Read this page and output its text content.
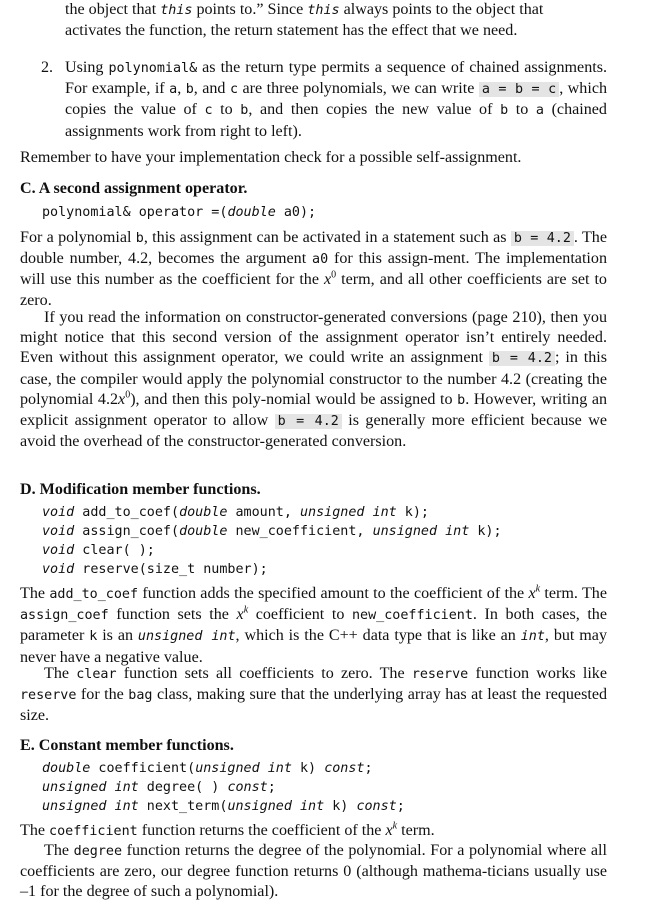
the object that this points to.” Since this always points to the object that
activates the function, the return statement has the effect that we need.
2. Using polynomial& as the return type permits a sequence of chained assignments. For example, if a, b, and c are three polynomials, we can write a = b = c , which copies the value of c to b, and then copies the new value of b to a (chained assignments work from right to left).
Remember to have your implementation check for a possible self-assignment.
C. A second assignment operator.
polynomial& operator =(double a0);
For a polynomial b, this assignment can be activated in a statement such as b = 4.2 . The double number, 4.2, becomes the argument a0 for this assign-ment. The implementation will use this number as the coefficient for the $x^0$ term, and all other coefficients are set to zero.
If you read the information on constructor-generated conversions (page 210), then you might notice that this second version of the assignment operator isn’t entirely needed. Even without this assignment operator, we could write an assignment b = 4.2 ; in this case, the compiler would apply the polynomial constructor to the number 4.2 (creating the polynomial $4.2x^0$), and then this poly-nomial would be assigned to b. However, writing an explicit assignment operator to allow b = 4.2 is generally more efficient because we avoid the overhead of the constructor-generated conversion.
D. Modification member functions.
void add_to_coef(double amount, unsigned int k);
void assign_coef(double new_coefficient, unsigned int k);
void clear( );
void reserve(size_t number);
The add_to_coef function adds the specified amount to the coefficient of the $x^k$ term. The assign_coef function sets the $x^k$ coefficient to new_coefficient. In both cases, the parameter k is an unsigned int, which is the C++ data type that is like an int, but may never have a negative value.
The clear function sets all coefficients to zero. The reserve function works like reserve for the bag class, making sure that the underlying array has at least the requested size.
E. Constant member functions.
double coefficient(unsigned int k) const;
unsigned int degree( ) const;
unsigned int next_term(unsigned int k) const;
The coefficient function returns the coefficient of the $x^k$ term.
The degree function returns the degree of the polynomial. For a polynomial where all coefficients are zero, our degree function returns 0 (although mathema-ticians usually use –1 for the degree of such a polynomial).
